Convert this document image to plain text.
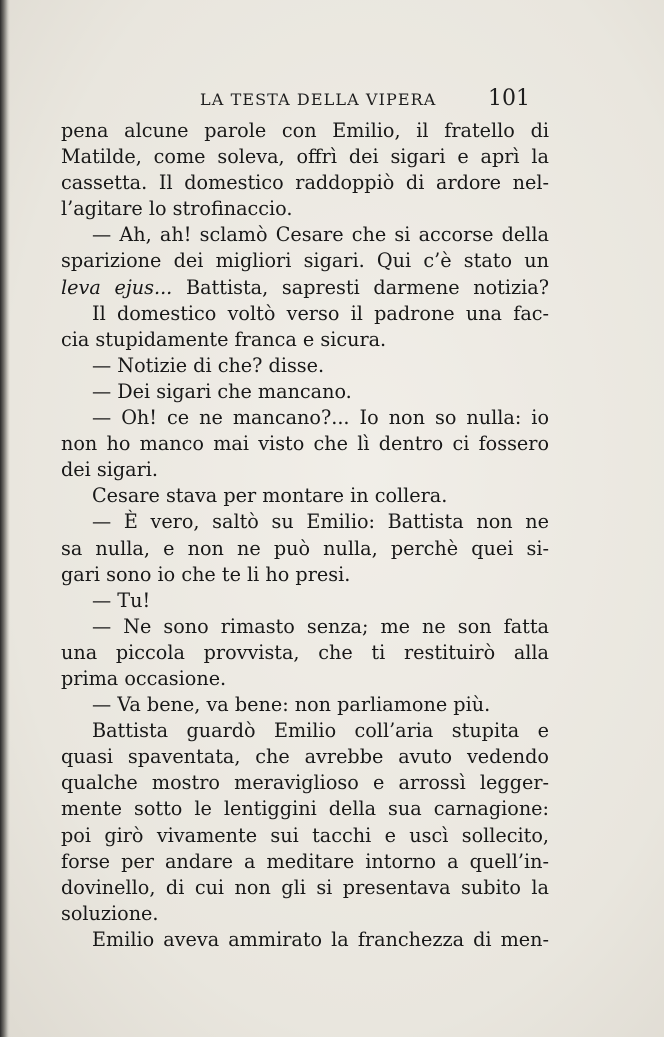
LA TESTA DELLA VIPERA 101
pena alcune parole con Emilio, il fratello di
Matilde, come soleva, offrì dei sigari e aprì la
cassetta. Il domestico raddoppiò di ardore nel-
l’agitare lo strofinaccio.
— Ah, ah! sclamò Cesare che si accorse della
sparizione dei migliori sigari. Qui c’è stato un
leva ejus... Battista, sapresti darmene notizia?
Il domestico voltò verso il padrone una fac-
cia stupidamente franca e sicura.
— Notizie di che? disse.
— Dei sigari che mancano.
— Oh! ce ne mancano?... Io non so nulla: io
non ho manco mai visto che lì dentro ci fossero
dei sigari.
Cesare stava per montare in collera.
— È vero, saltò su Emilio: Battista non ne
sa nulla, e non ne può nulla, perchè quei si-
gari sono io che te li ho presi.
— Tu!
— Ne sono rimasto senza; me ne son fatta
una piccola provvista, che ti restituirò alla
prima occasione.
— Va bene, va bene: non parliamone più.
Battista guardò Emilio coll’aria stupita e
quasi spaventata, che avrebbe avuto vedendo
qualche mostro meraviglioso e arrossì legger-
mente sotto le lentiggini della sua carnagione:
poi girò vivamente sui tacchi e uscì sollecito,
forse per andare a meditare intorno a quell’in-
dovinello, di cui non gli si presentava subito la
soluzione.
Emilio aveva ammirato la franchezza di men-
